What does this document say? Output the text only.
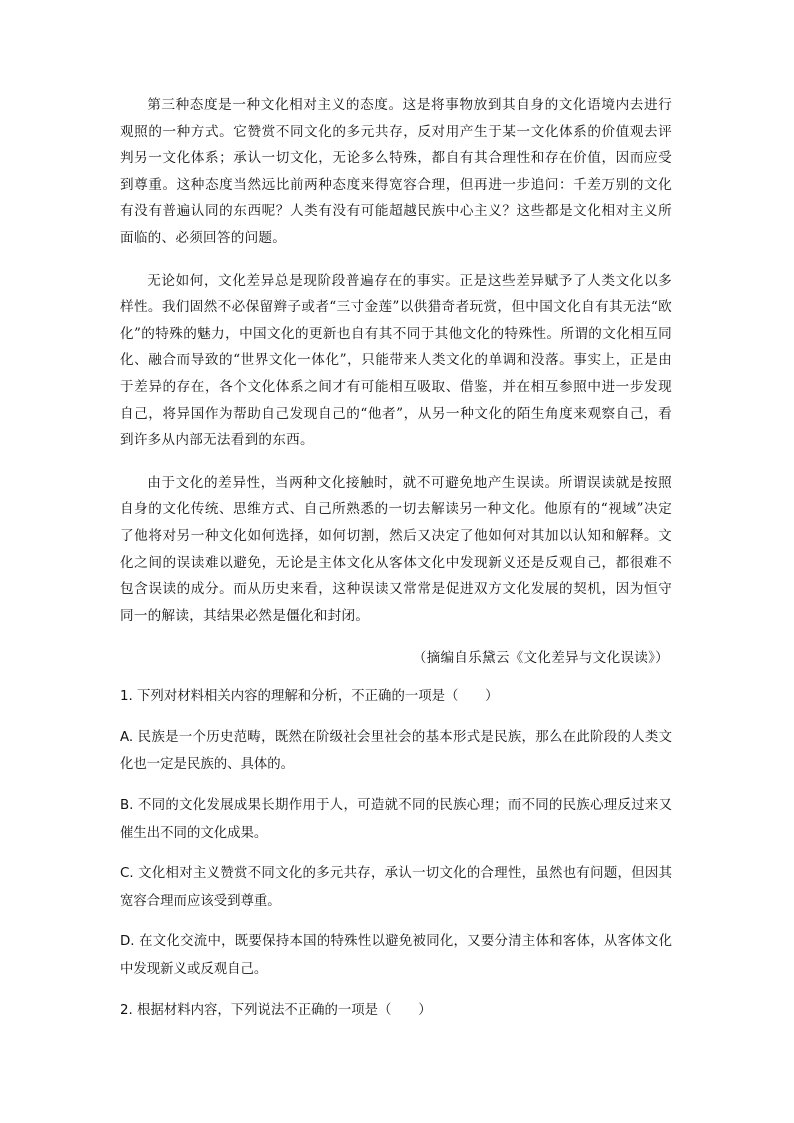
第三种态度是一种文化相对主义的态度。这是将事物放到其自身的文化语境内去进行观照的一种方式。它赞赏不同文化的多元共存，反对用产生于某一文化体系的价值观去评判另一文化体系；承认一切文化，无论多么特殊，都自有其合理性和存在价值，因而应受到尊重。这种态度当然远比前两种态度来得宽容合理，但再进一步追问：千差万别的文化有没有普遍认同的东西呢？人类有没有可能超越民族中心主义？这些都是文化相对主义所面临的、必须回答的问题。

无论如何，文化差异总是现阶段普遍存在的事实。正是这些差异赋予了人类文化以多样性。我们固然不必保留辫子或者“三寸金莲”以供猎奇者玩赏，但中国文化自有其无法“欧化”的特殊的魅力，中国文化的更新也自有其不同于其他文化的特殊性。所谓的文化相互同化、融合而导致的“世界文化一体化”，只能带来人类文化的单调和没落。事实上，正是由于差异的存在，各个文化体系之间才有可能相互吸取、借鉴，并在相互参照中进一步发现自己，将异国作为帮助自己发现自己的“他者”，从另一种文化的陌生角度来观察自己，看到许多从内部无法看到的东西。

由于文化的差异性，当两种文化接触时，就不可避免地产生误读。所谓误读就是按照自身的文化传统、思维方式、自己所熟悉的一切去解读另一种文化。他原有的“视域”决定了他将对另一种文化如何选择，如何切割，然后又决定了他如何对其加以认知和解释。文化之间的误读难以避免，无论是主体文化从客体文化中发现新义还是反观自己，都很难不包含误读的成分。而从历史来看，这种误读又常常是促进双方文化发展的契机，因为恒守同一的解读，其结果必然是僵化和封闭。

（摘编自乐黛云《文化差异与文化误读》）

1. 下列对材料相关内容的理解和分析，不正确的一项是（　　）

A. 民族是一个历史范畴，既然在阶级社会里社会的基本形式是民族，那么在此阶段的人类文化也一定是民族的、具体的。

B. 不同的文化发展成果长期作用于人，可造就不同的民族心理；而不同的民族心理反过来又催生出不同的文化成果。

C. 文化相对主义赞赏不同文化的多元共存，承认一切文化的合理性，虽然也有问题，但因其宽容合理而应该受到尊重。

D. 在文化交流中，既要保持本国的特殊性以避免被同化，又要分清主体和客体，从客体文化中发现新义或反观自己。

2. 根据材料内容，下列说法不正确的一项是（　　）
